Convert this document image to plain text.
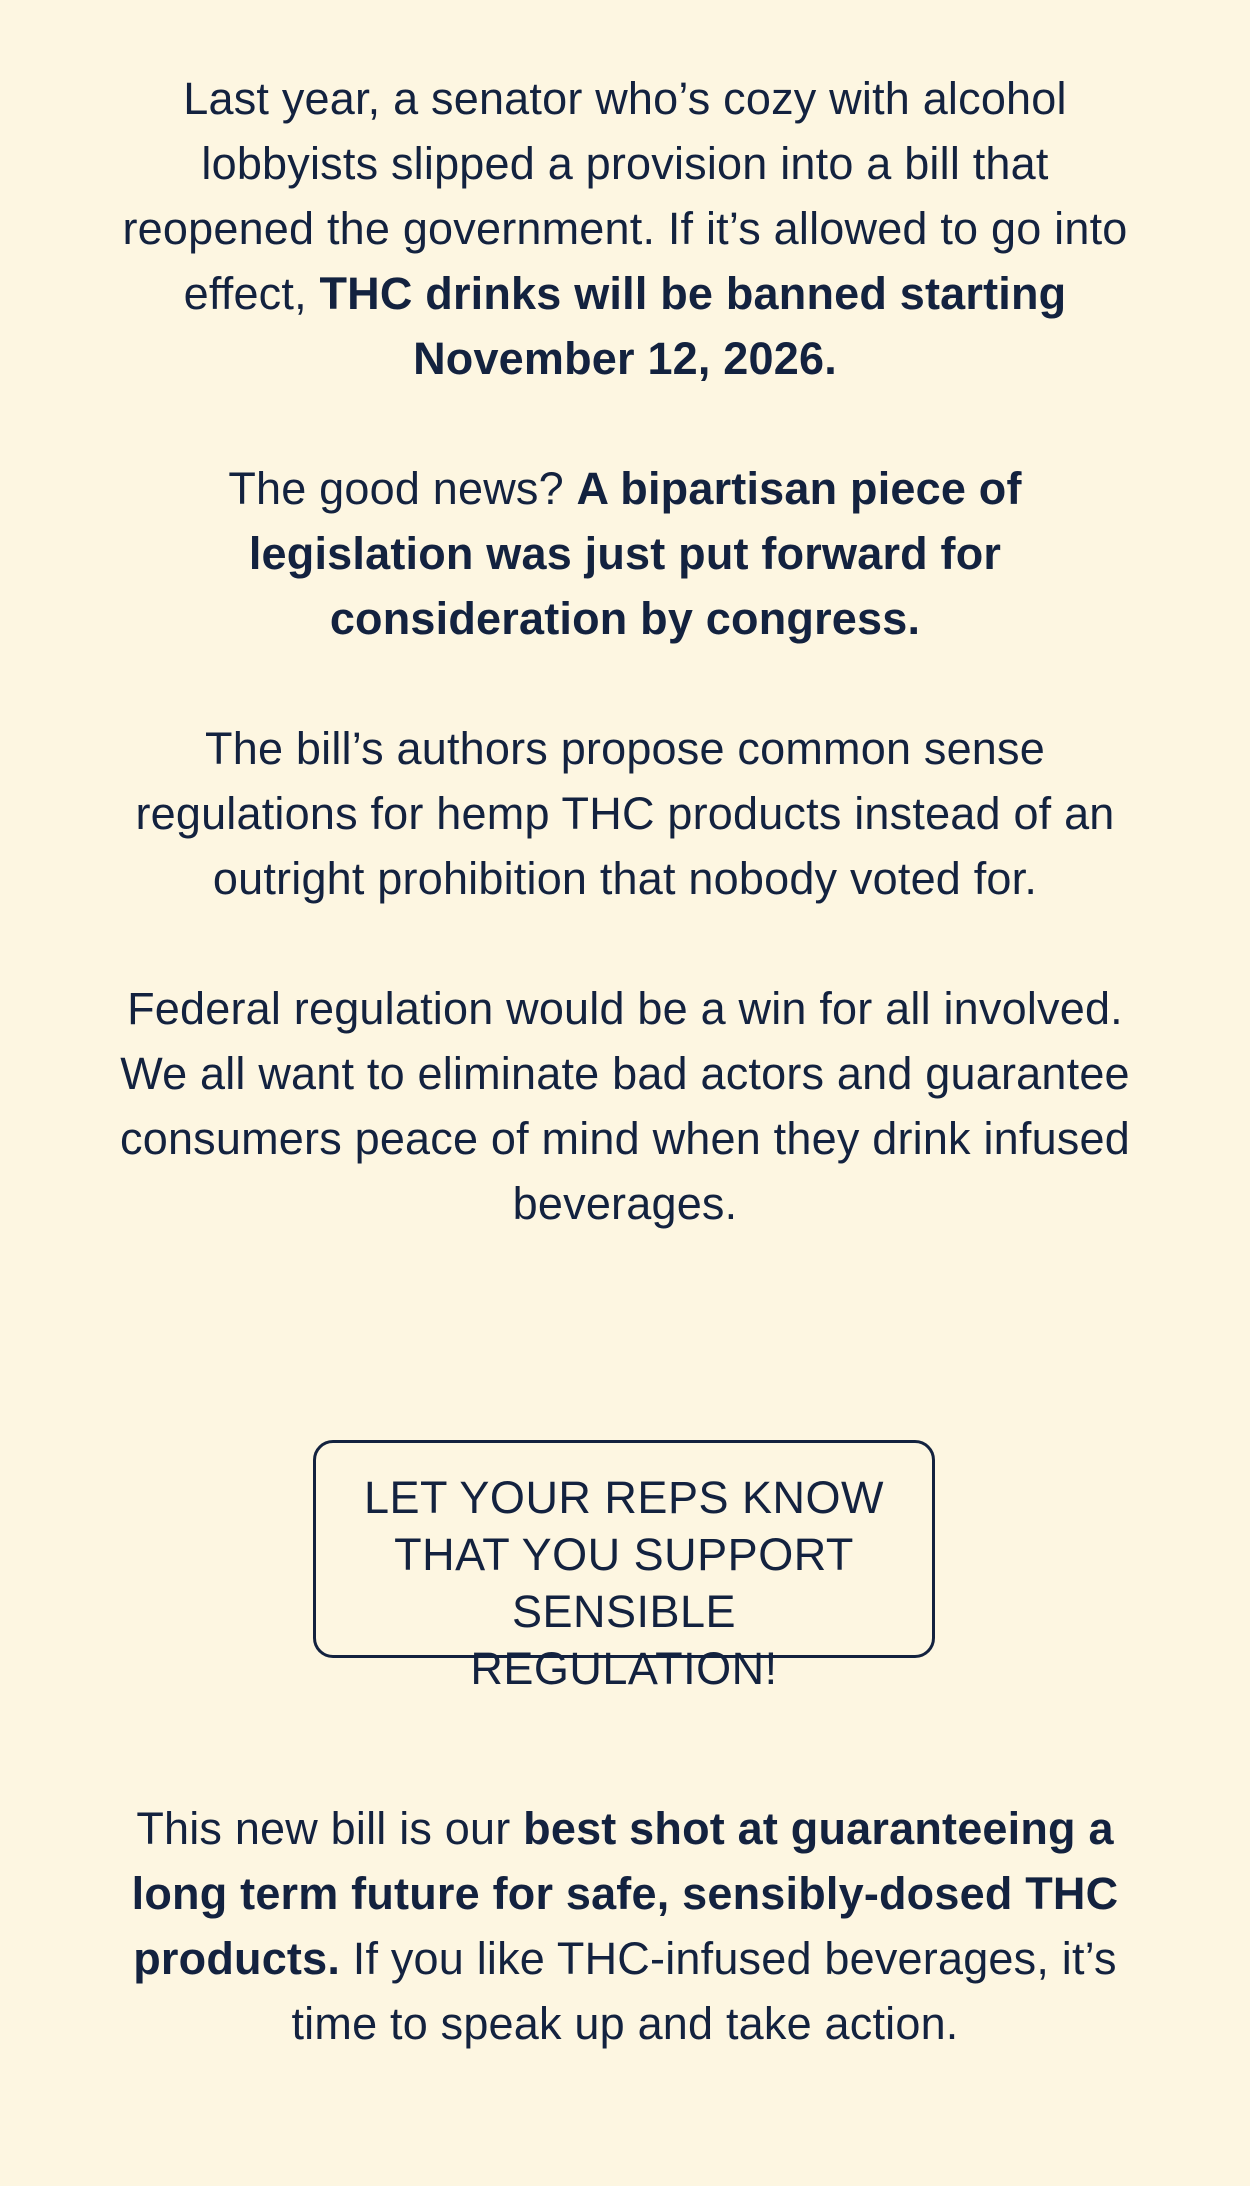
Last year, a senator who’s cozy with alcohol lobbyists slipped a provision into a bill that reopened the government. If it’s allowed to go into effect, THC drinks will be banned starting November 12, 2026.

The good news? A bipartisan piece of legislation was just put forward for consideration by congress.

The bill’s authors propose common sense regulations for hemp THC products instead of an outright prohibition that nobody voted for.

Federal regulation would be a win for all involved. We all want to eliminate bad actors and guarantee consumers peace of mind when they drink infused beverages.

LET YOUR REPS KNOW
THAT YOU SUPPORT
SENSIBLE REGULATION!

This new bill is our best shot at guaranteeing a long term future for safe, sensibly-dosed THC products. If you like THC-infused beverages, it’s time to speak up and take action.
